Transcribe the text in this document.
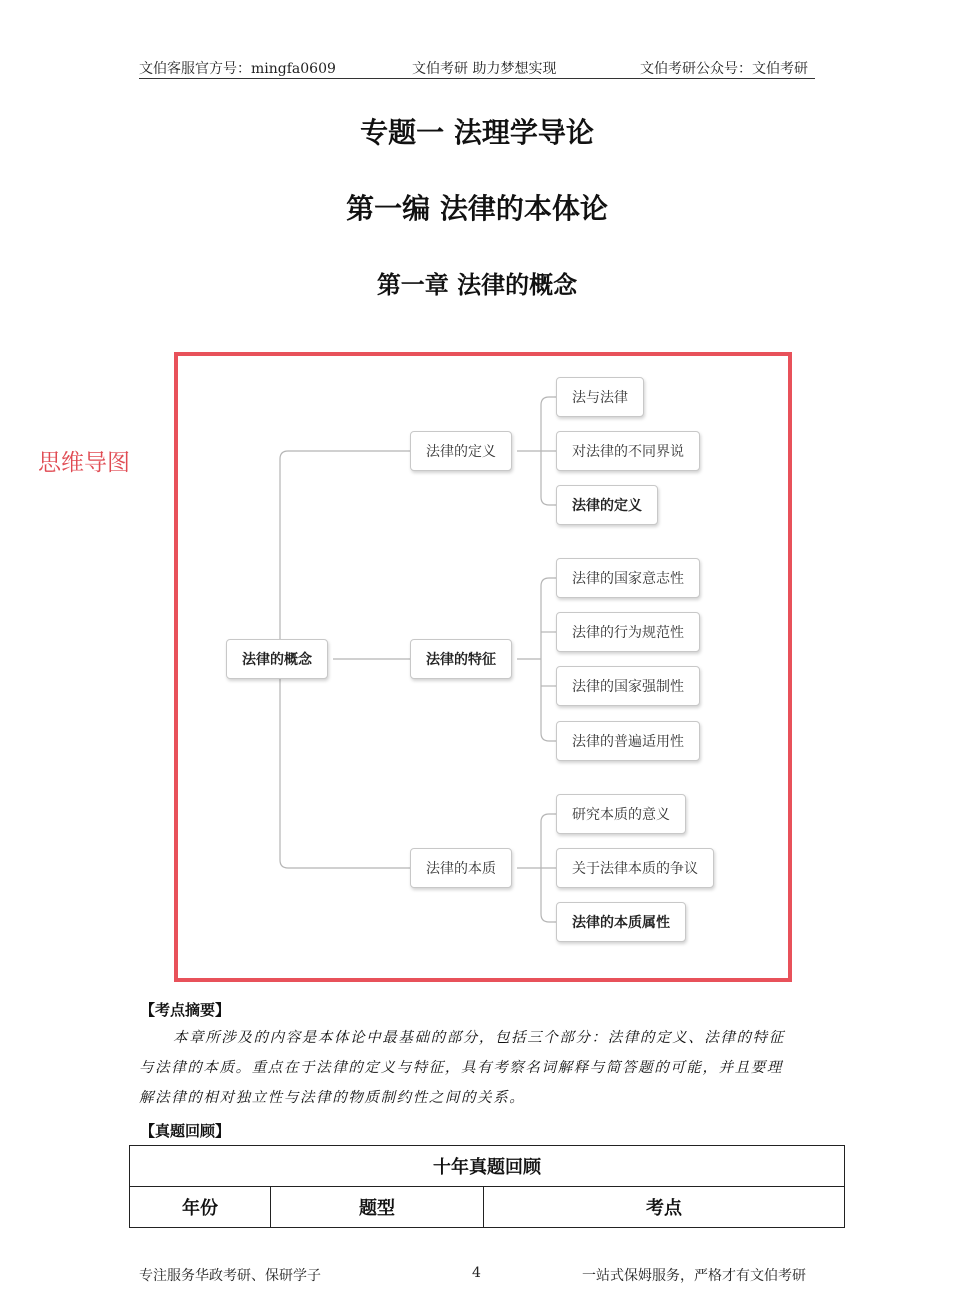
文伯客服官方号：mingfa0609	文伯考研 助力梦想实现	文伯考研公众号：文伯考研
专题一 法理学导论
第一编 法律的本体论
第一章 法律的概念
思维导图
法律的概念
法律的定义
法律的特征
法律的本质
法与法律
对法律的不同界说
法律的定义
法律的国家意志性
法律的行为规范性
法律的国家强制性
法律的普遍适用性
研究本质的意义
关于法律本质的争议
法律的本质属性
【考点摘要】
本章所涉及的内容是本体论中最基础的部分，包括三个部分：法律的定义、法律的特征
与法律的本质。重点在于法律的定义与特征，具有考察名词解释与简答题的可能，并且要理
解法律的相对独立性与法律的物质制约性之间的关系。
【真题回顾】
十年真题回顾
年份	题型	考点
专注服务华政考研、保研学子	4	一站式保姆服务，严格才有文伯考研
